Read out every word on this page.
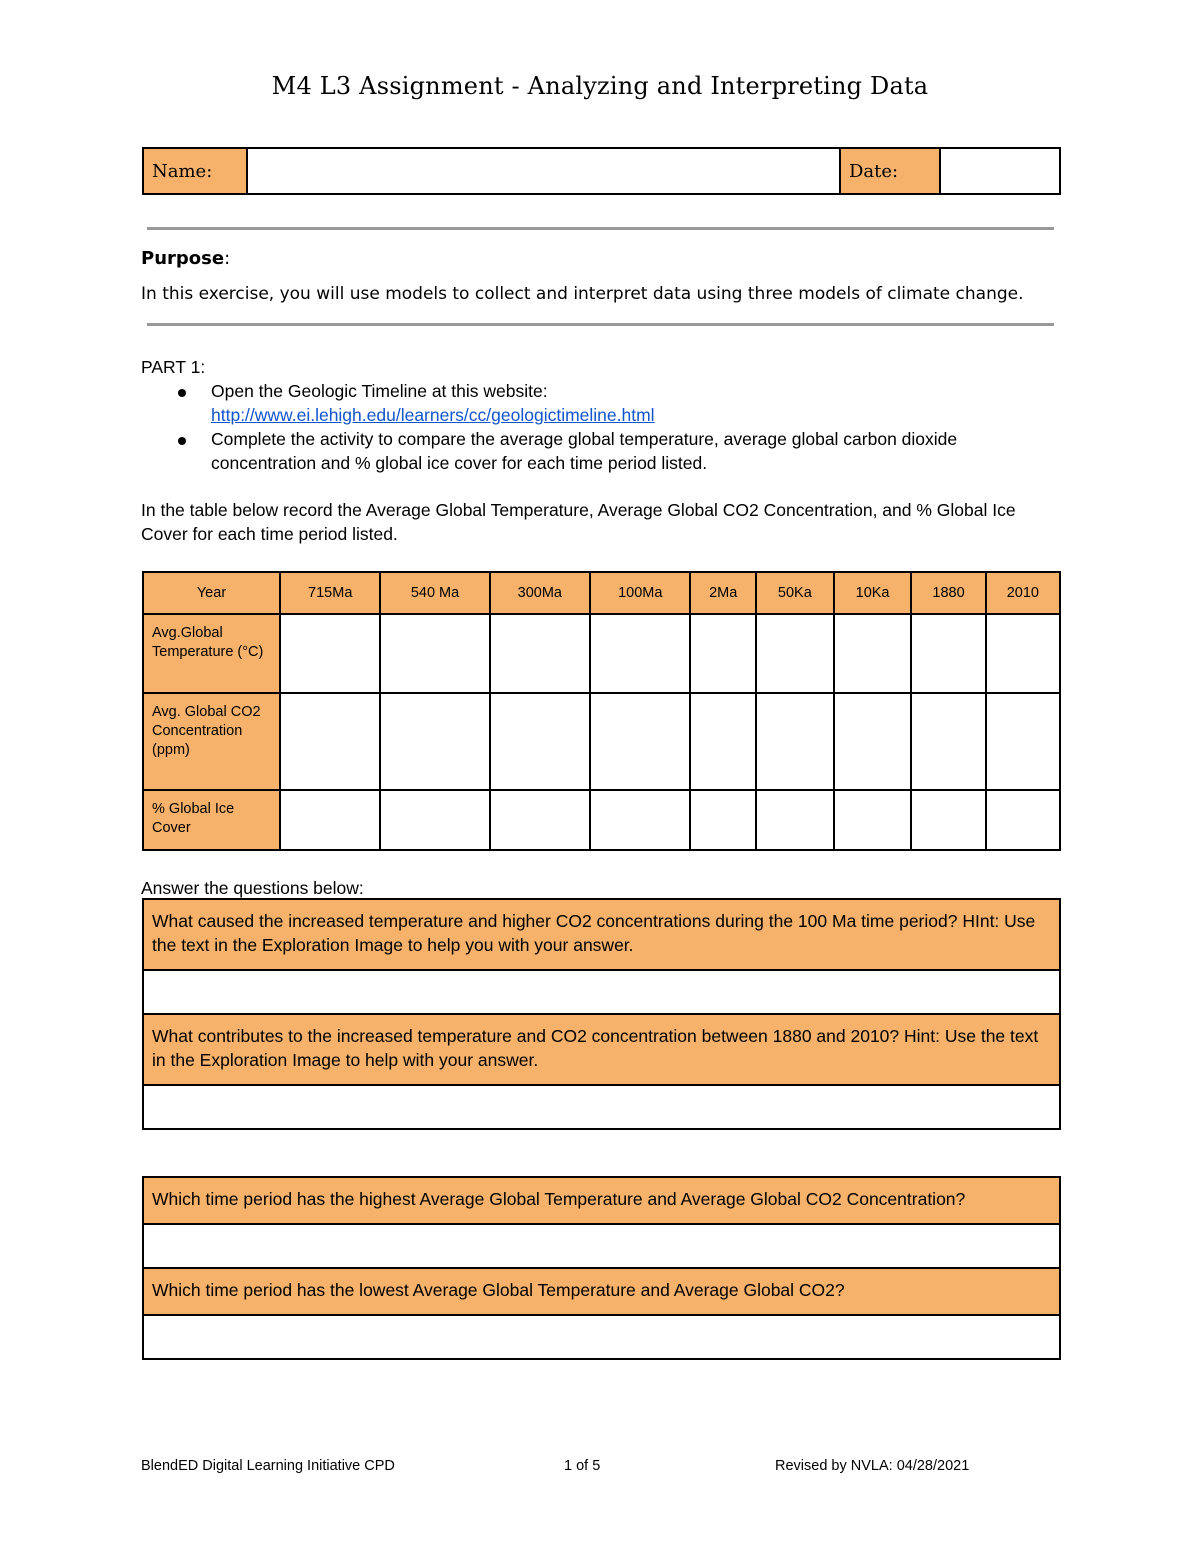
M4 L3 Assignment - Analyzing and Interpreting Data
Name:		Date:	
Purpose:
In this exercise, you will use models to collect and interpret data using three models of climate change.
PART 1:
Open the Geologic Timeline at this website:
http://www.ei.lehigh.edu/learners/cc/geologictimeline.html
Complete the activity to compare the average global temperature, average global carbon dioxide concentration and % global ice cover for each time period listed.
In the table below record the Average Global Temperature, Average Global CO2 Concentration, and % Global Ice Cover for each time period listed.
Year	715Ma	540 Ma	300Ma	100Ma	2Ma	50Ka	10Ka	1880	2010
Avg.Global Temperature (°C)									
Avg. Global CO2 Concentration (ppm)									
% Global Ice Cover									
Answer the questions below:
What caused the increased temperature and higher CO2 concentrations during the 100 Ma time period? HInt: Use the text in the Exploration Image to help you with your answer.

What contributes to the increased temperature and CO2 concentration between 1880 and 2010? Hint: Use the text in the Exploration Image to help with your answer.

Which time period has the highest Average Global Temperature and Average Global CO2 Concentration?

Which time period has the lowest Average Global Temperature and Average Global CO2?

BlendED Digital Learning Initiative CPD	1 of 5	Revised by NVLA: 04/28/2021
